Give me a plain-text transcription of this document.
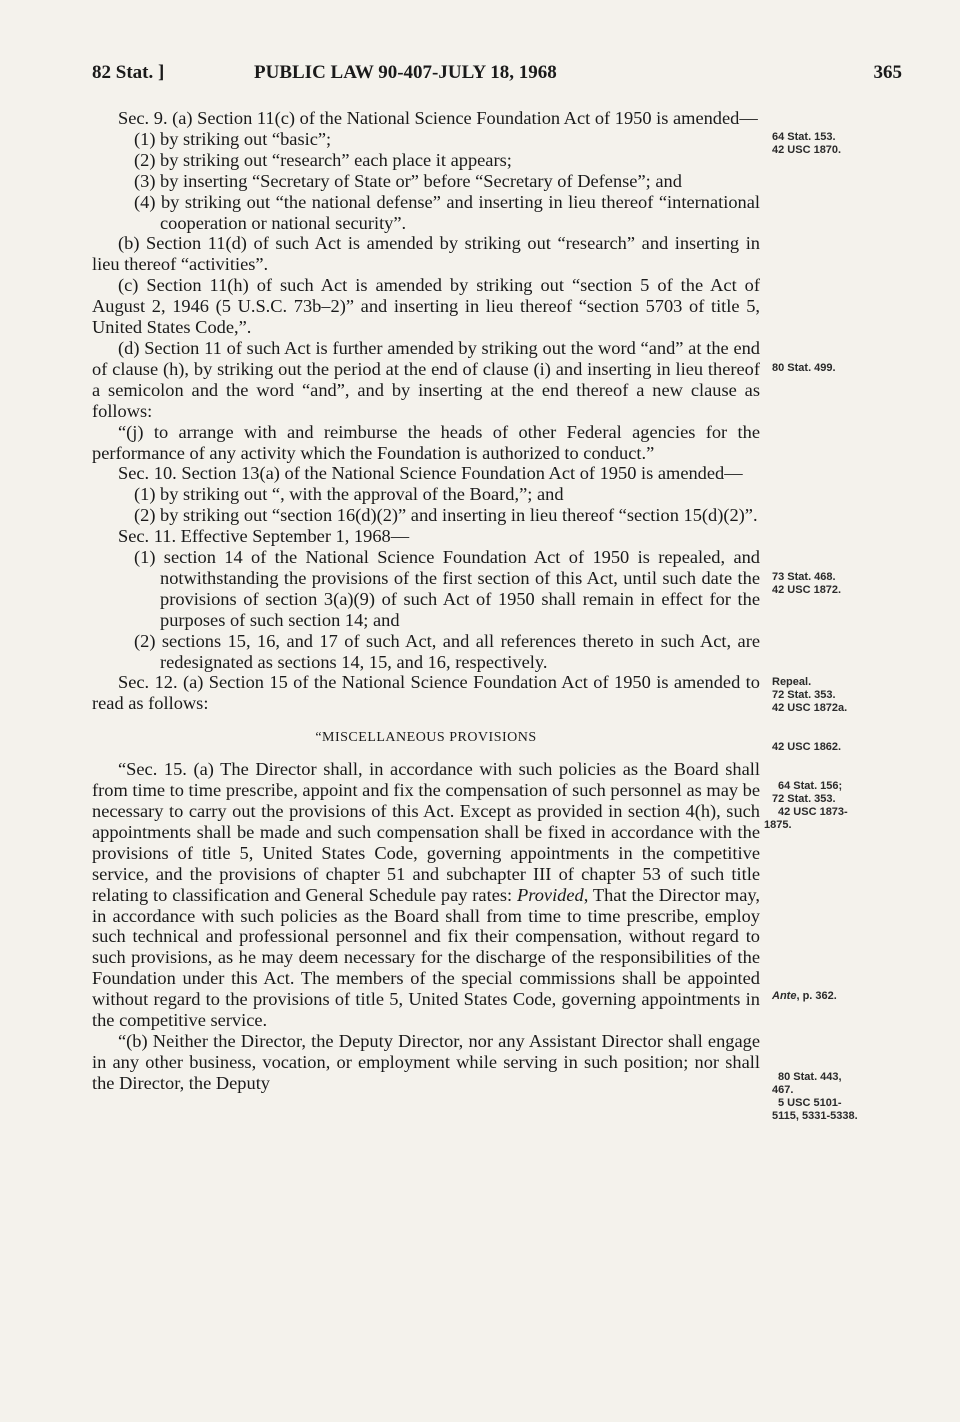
82 Stat. ]	PUBLIC LAW 90-407-JULY 18, 1968	365

Sec. 9. (a) Section 11(c) of the National Science Foundation Act of 1950 is amended—

(1) by striking out “basic”;

(2) by striking out “research” each place it appears;

(3) by inserting “Secretary of State or” before “Secretary of Defense”; and

(4) by striking out “the national defense” and inserting in lieu thereof “international cooperation or national security”.

(b) Section 11(d) of such Act is amended by striking out “research” and inserting in lieu thereof “activities”.

(c) Section 11(h) of such Act is amended by striking out “section 5 of the Act of August 2, 1946 (5 U.S.C. 73b–2)” and inserting in lieu thereof “section 5703 of title 5, United States Code,”.

(d) Section 11 of such Act is further amended by striking out the word “and” at the end of clause (h), by striking out the period at the end of clause (i) and inserting in lieu thereof a semicolon and the word “and”, and by inserting at the end thereof a new clause as follows:

“(j) to arrange with and reimburse the heads of other Federal agencies for the performance of any activity which the Foundation is authorized to conduct.”

Sec. 10. Section 13(a) of the National Science Foundation Act of 1950 is amended—

(1) by striking out “, with the approval of the Board,”; and

(2) by striking out “section 16(d)(2)” and inserting in lieu thereof “section 15(d)(2)”.

Sec. 11. Effective September 1, 1968—

(1) section 14 of the National Science Foundation Act of 1950 is repealed, and notwithstanding the provisions of the first section of this Act, until such date the provisions of section 3(a)(9) of such Act of 1950 shall remain in effect for the purposes of such section 14; and

(2) sections 15, 16, and 17 of such Act, and all references thereto in such Act, are redesignated as sections 14, 15, and 16, respectively.

Sec. 12. (a) Section 15 of the National Science Foundation Act of 1950 is amended to read as follows:

“MISCELLANEOUS PROVISIONS

“Sec. 15. (a) The Director shall, in accordance with such policies as the Board shall from time to time prescribe, appoint and fix the compensation of such personnel as may be necessary to carry out the provisions of this Act. Except as provided in section 4(h), such appointments shall be made and such compensation shall be fixed in accordance with the provisions of title 5, United States Code, governing appointments in the competitive service, and the provisions of chapter 51 and subchapter III of chapter 53 of such title relating to classification and General Schedule pay rates: Provided, That the Director may, in accordance with such policies as the Board shall from time to time prescribe, employ such technical and professional personnel and fix their compensation, without regard to such provisions, as he may deem necessary for the discharge of the responsibilities of the Foundation under this Act. The members of the special commissions shall be appointed without regard to the provisions of title 5, United States Code, governing appointments in the competitive service.

“(b) Neither the Director, the Deputy Director, nor any Assistant Director shall engage in any other business, vocation, or employment while serving in such position; nor shall the Director, the Deputy

64 Stat. 153.
42 USC 1870.
80 Stat. 499.
73 Stat. 468.
42 USC 1872.
Repeal.
72 Stat. 353.
42 USC 1872a.
42 USC 1862.
64 Stat. 156;
72 Stat. 353.
42 USC 1873-
1875.
Ante, p. 362.
80 Stat. 443,
467.
5 USC 5101-
5115, 5331-5338.
